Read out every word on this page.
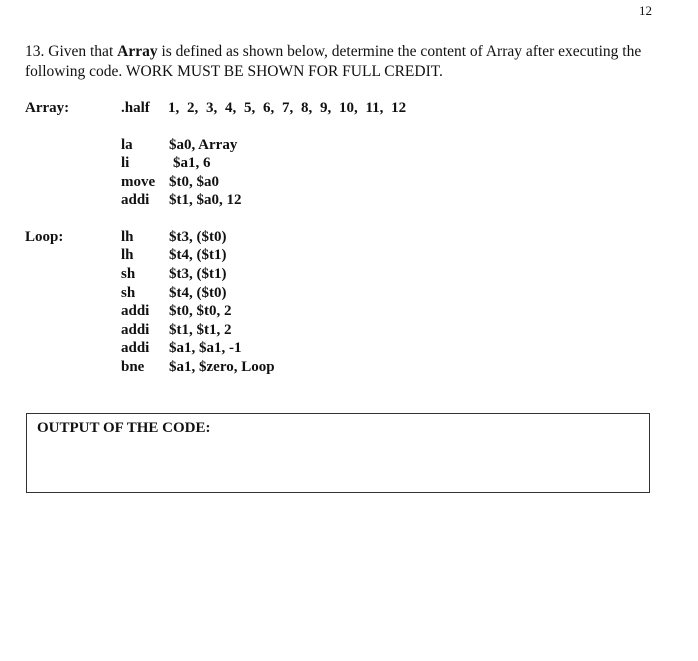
12
13. Given that Array is defined as shown below, determine the content of Array after executing the following code. WORK MUST BE SHOWN FOR FULL CREDIT.
Array:	.half 1, 2, 3, 4, 5, 6, 7, 8, 9, 10, 11, 12
la $a0, Array
li	$a1, 6
move $t0, $a0
addi $t1, $a0, 12
Loop:	lh $t3, ($t0)
lh $t4, ($t1)
sh $t3, ($t1)
sh $t4, ($t0)
addi $t0, $t0, 2
addi $t1, $t1, 2
addi $a1, $a1, -1
bne $a1, $zero, Loop
OUTPUT OF THE CODE:
